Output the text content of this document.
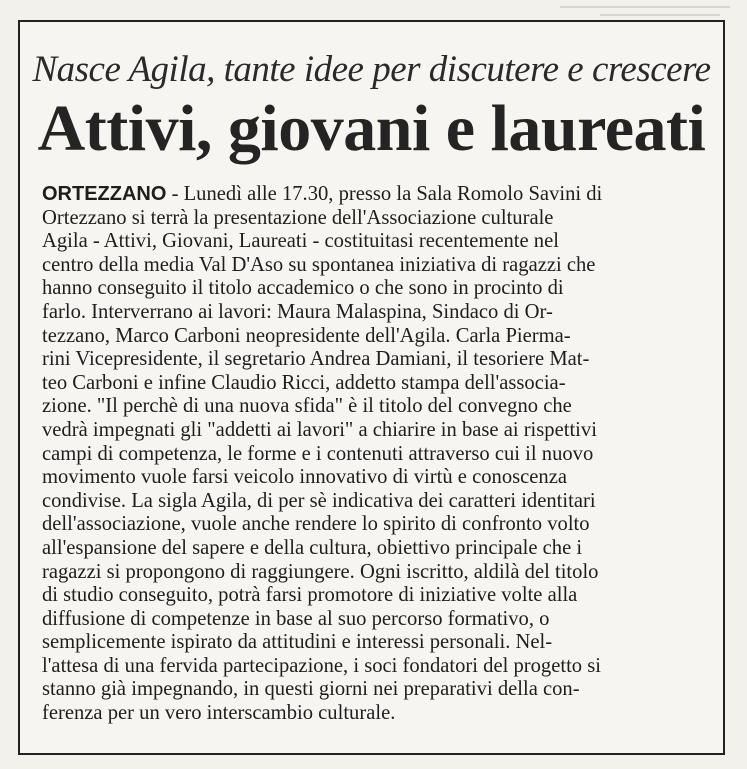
Nasce Agila, tante idee per discutere e crescere
Attivi, giovani e laureati
ORTEZZANO - Lunedì alle 17.30, presso la Sala Romolo Savini di
Ortezzano si terrà la presentazione dell'Associazione culturale
Agila - Attivi, Giovani, Laureati - costituitasi recentemente nel
centro della media Val D'Aso su spontanea iniziativa di ragazzi che
hanno conseguito il titolo accademico o che sono in procinto di
farlo. Interverrano ai lavori: Maura Malaspina, Sindaco di Or-
tezzano, Marco Carboni neopresidente dell'Agila. Carla Pierma-
rini Vicepresidente, il segretario Andrea Damiani, il tesoriere Mat-
teo Carboni e infine Claudio Ricci, addetto stampa dell'associa-
zione. "Il perchè di una nuova sfida" è il titolo del convegno che
vedrà impegnati gli "addetti ai lavori" a chiarire in base ai rispettivi
campi di competenza, le forme e i contenuti attraverso cui il nuovo
movimento vuole farsi veicolo innovativo di virtù e conoscenza
condivise. La sigla Agila, di per sè indicativa dei caratteri identitari
dell'associazione, vuole anche rendere lo spirito di confronto volto
all'espansione del sapere e della cultura, obiettivo principale che i
ragazzi si propongono di raggiungere. Ogni iscritto, aldilà del titolo
di studio conseguito, potrà farsi promotore di iniziative volte alla
diffusione di competenze in base al suo percorso formativo, o
semplicemente ispirato da attitudini e interessi personali. Nel-
l'attesa di una fervida partecipazione, i soci fondatori del progetto si
stanno già impegnando, in questi giorni nei preparativi della con-
ferenza per un vero interscambio culturale.
